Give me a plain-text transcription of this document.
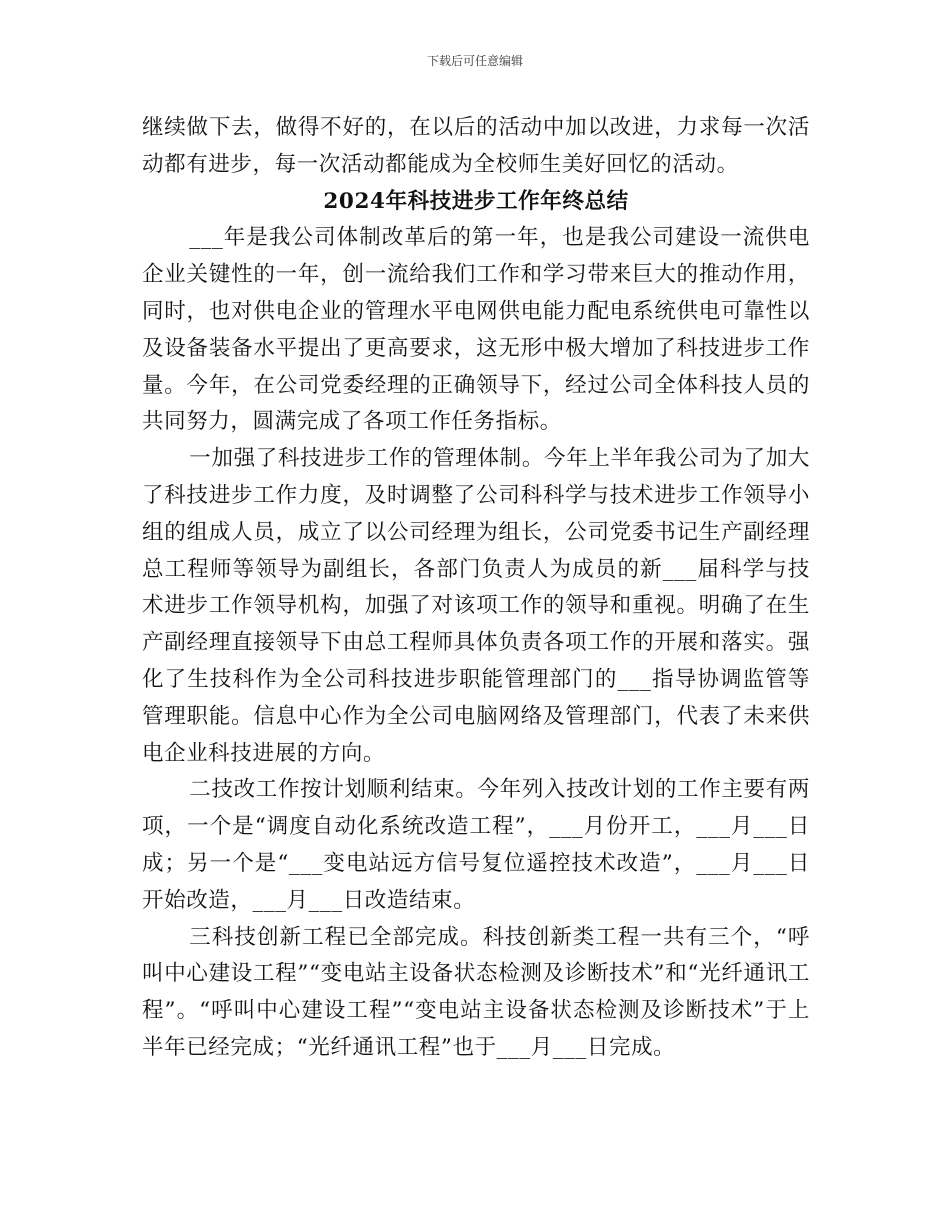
下载后可任意编辑

继续做下去，做得不好的，在以后的活动中加以改进，力求每一次活动都有进步，每一次活动都能成为全校师生美好回忆的活动。

2024年科技进步工作年终总结

___年是我公司体制改革后的第一年，也是我公司建设一流供电企业关键性的一年，创一流给我们工作和学习带来巨大的推动作用，同时，也对供电企业的管理水平电网供电能力配电系统供电可靠性以及设备装备水平提出了更高要求，这无形中极大增加了科技进步工作量。今年，在公司党委经理的正确领导下，经过公司全体科技人员的共同努力，圆满完成了各项工作任务指标。

一加强了科技进步工作的管理体制。今年上半年我公司为了加大了科技进步工作力度，及时调整了公司科科学与技术进步工作领导小组的组成人员，成立了以公司经理为组长，公司党委书记生产副经理总工程师等领导为副组长，各部门负责人为成员的新___届科学与技术进步工作领导机构，加强了对该项工作的领导和重视。明确了在生产副经理直接领导下由总工程师具体负责各项工作的开展和落实。强化了生技科作为全公司科技进步职能管理部门的___指导协调监管等管理职能。信息中心作为全公司电脑网络及管理部门，代表了未来供电企业科技进展的方向。

二技改工作按计划顺利结束。今年列入技改计划的工作主要有两项，一个是“调度自动化系统改造工程”，___月份开工，___月___日成；另一个是“___变电站远方信号复位遥控技术改造”，___月___日开始改造，___月___日改造结束。

三科技创新工程已全部完成。科技创新类工程一共有三个，“呼叫中心建设工程”“变电站主设备状态检测及诊断技术”和“光纤通讯工程”。“呼叫中心建设工程”“变电站主设备状态检测及诊断技术”于上半年已经完成；“光纤通讯工程”也于___月___日完成。
